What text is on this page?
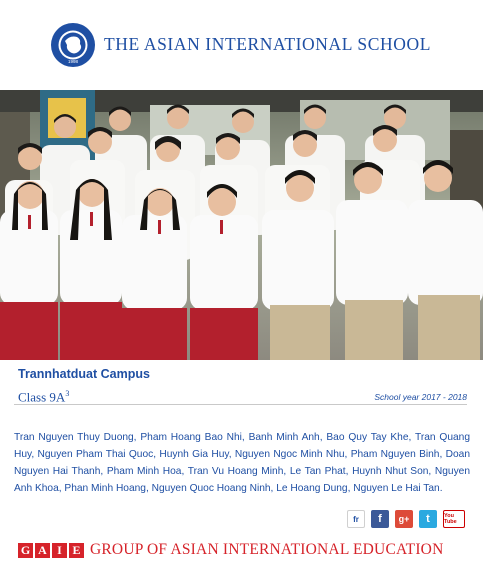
1998
THE ASIAN INTERNATIONAL SCHOOL
Trannhatduat Campus
Class $9A^3$	School year 2017 - 2018
Tran Nguyen Thuy Duong, Pham Hoang Bao Nhi, Banh Minh Anh, Bao Quy Tay Khe, Tran Quang Huy, Nguyen Pham Thai Quoc, Huynh Gia Huy, Nguyen Ngoc Minh Nhu, Pham Nguyen Binh, Doan Nguyen Hai Thanh, Pham Minh Hoa, Tran Vu Hoang Minh, Le Tan Phat, Huynh Nhut Son, Nguyen Anh Khoa, Phan Minh Hoang, Nguyen Quoc Hoang Ninh, Le Hoang Dung, Nguyen Le Hai Tan.
fr	f	g+	t	You Tube
G A I E GROUP OF ASIAN INTERNATIONAL EDUCATION
